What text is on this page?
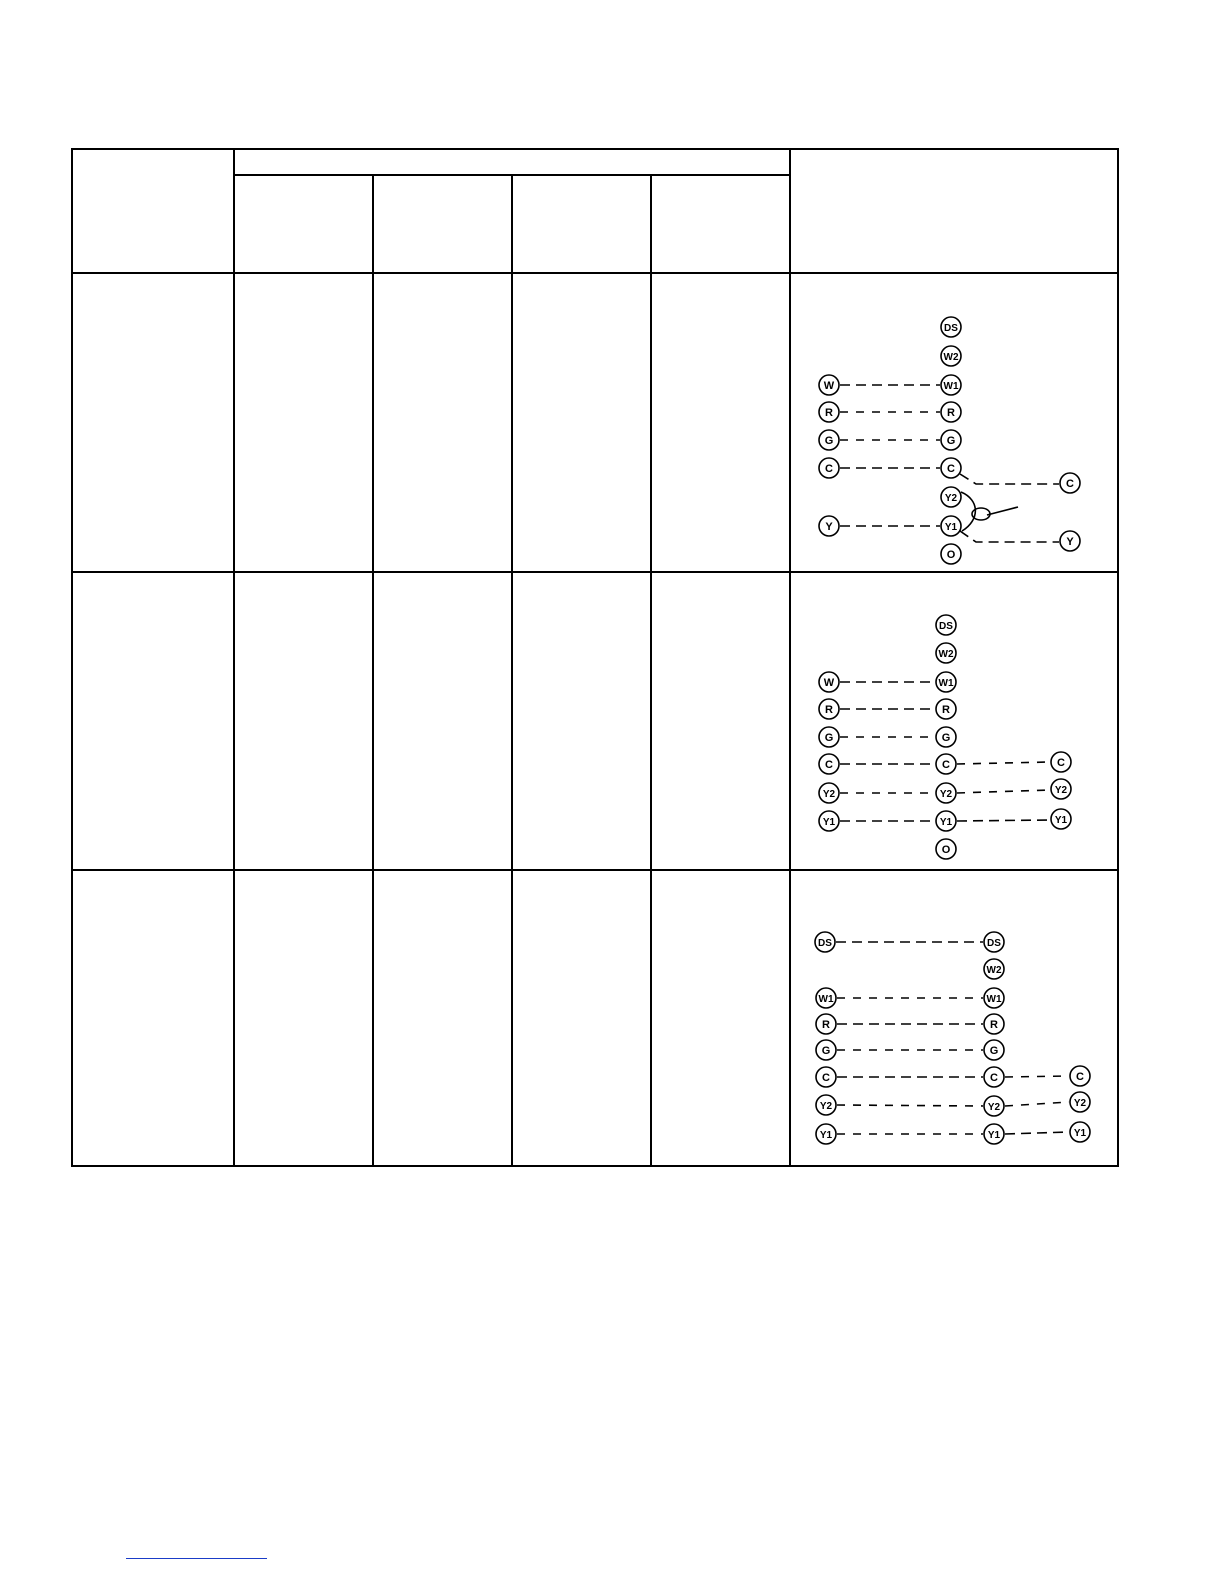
W
R
G
C
Y
DS
W2
W1
R
G
C
Y2
Y1
O
C
Y
W
R
G
C
Y2
Y1
DS
W2
W1
R
G
C
Y2
Y1
O
C
Y2
Y1
DS
W1
R
G
C
Y2
Y1
DS
W2
W1
R
G
C
Y2
Y1
C
Y2
Y1
